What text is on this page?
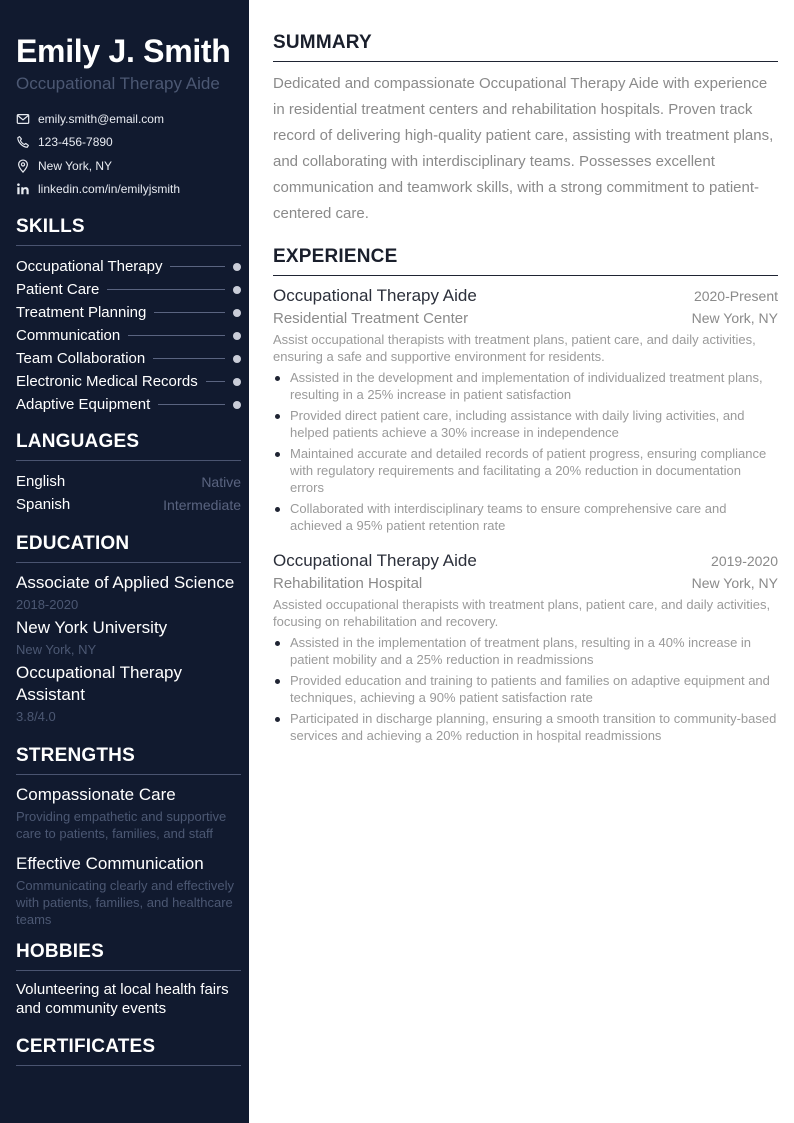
Emily J. Smith
Occupational Therapy Aide
emily.smith@email.com
123-456-7890
New York, NY
linkedin.com/in/emilyjsmith
SKILLS
Occupational Therapy
Patient Care
Treatment Planning
Communication
Team Collaboration
Electronic Medical Records
Adaptive Equipment
LANGUAGES
English	Native
Spanish	Intermediate
EDUCATION
Associate of Applied Science
2018-2020
New York University
New York, NY
Occupational Therapy Assistant
3.8/4.0
STRENGTHS
Compassionate Care
Providing empathetic and supportive care to patients, families, and staff
Effective Communication
Communicating clearly and effectively with patients, families, and healthcare teams
HOBBIES
Volunteering at local health fairs and community events
CERTIFICATES
SUMMARY

Dedicated and compassionate Occupational Therapy Aide with experience in residential treatment centers and rehabilitation hospitals. Proven track record of delivering high-quality patient care, assisting with treatment plans, and collaborating with interdisciplinary teams. Possesses excellent communication and teamwork skills, with a strong commitment to patient-centered care.

EXPERIENCE
Occupational Therapy Aide	2020-Present
Residential Treatment Center	New York, NY

Assist occupational therapists with treatment plans, patient care, and daily activities, ensuring a safe and supportive environment for residents.

Assisted in the development and implementation of individualized treatment plans, resulting in a 25% increase in patient satisfaction
Provided direct patient care, including assistance with daily living activities, and helped patients achieve a 30% increase in independence
Maintained accurate and detailed records of patient progress, ensuring compliance with regulatory requirements and facilitating a 20% reduction in documentation errors
Collaborated with interdisciplinary teams to ensure comprehensive care and achieved a 95% patient retention rate
Occupational Therapy Aide	2019-2020
Rehabilitation Hospital	New York, NY

Assisted occupational therapists with treatment plans, patient care, and daily activities, focusing on rehabilitation and recovery.

Assisted in the implementation of treatment plans, resulting in a 40% increase in patient mobility and a 25% reduction in readmissions
Provided education and training to patients and families on adaptive equipment and techniques, achieving a 90% patient satisfaction rate
Participated in discharge planning, ensuring a smooth transition to community-based services and achieving a 20% reduction in hospital readmissions
